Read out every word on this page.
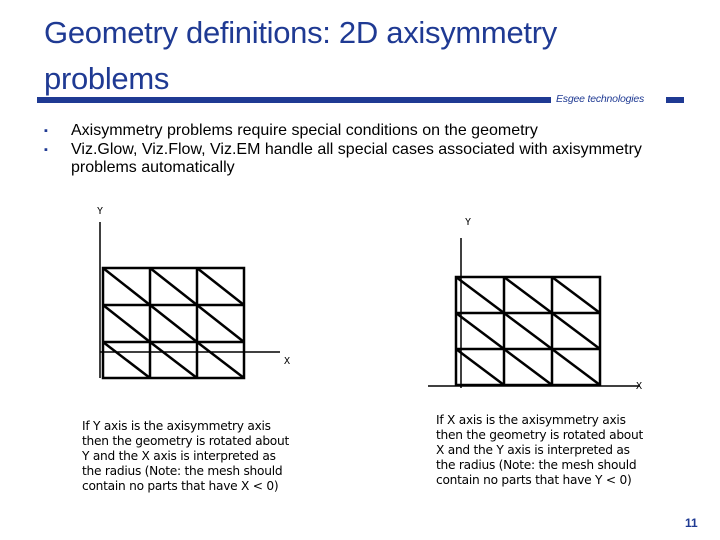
Geometry definitions: 2D axisymmetry problems
Esgee technologies
▪ Axisymmetry problems require special conditions on the geometry
▪ Viz.Glow, Viz.Flow, Viz.EM handle all special cases associated with axisymmetry problems automatically
Y
X
Y
X
If Y axis is the axisymmetry axis
then the geometry is rotated about
Y and the X axis is interpreted as
the radius (Note: the mesh should
contain no parts that have X < 0)
If X axis is the axisymmetry axis
then the geometry is rotated about
X and the Y axis is interpreted as
the radius (Note: the mesh should
contain no parts that have Y < 0)
11
